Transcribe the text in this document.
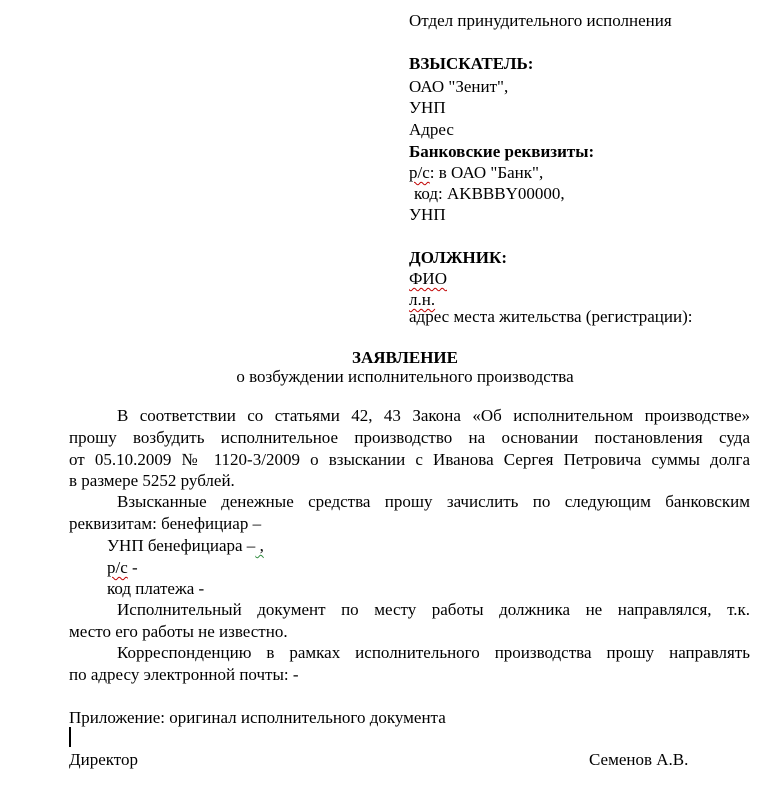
Отдел принудительного исполнения
ВЗЫСКАТЕЛЬ:
ОАО "Зенит",
УНП
Адрес
Банковские реквизиты:
р/с: в ОАО "Банк",
код: AKBBBY00000,
УНП
ДОЛЖНИК:
ФИО
л.н.
адрес места жительства (регистрации):
ЗАЯВЛЕНИЕ
о возбуждении исполнительного производства
В соответствии со статьями 42, 43 Закона «Об исполнительном производстве»
прошу возбудить исполнительное производство на основании постановления суда
от 05.10.2009 № 1120-3/2009 о взыскании с Иванова Сергея Петровича суммы долга
в размере 5252 рублей.
Взысканные денежные средства прошу зачислить по следующим банковским
реквизитам: бенефициар –
УНП бенефициара – ,
р/с -
код платежа -
Исполнительный документ по месту работы должника не направлялся, т.к.
место его работы не известно.
Корреспонденцию в рамках исполнительного производства прошу направлять
по адресу электронной почты: -
Приложение: оригинал исполнительного документа
Директор	Семенов А.В.
